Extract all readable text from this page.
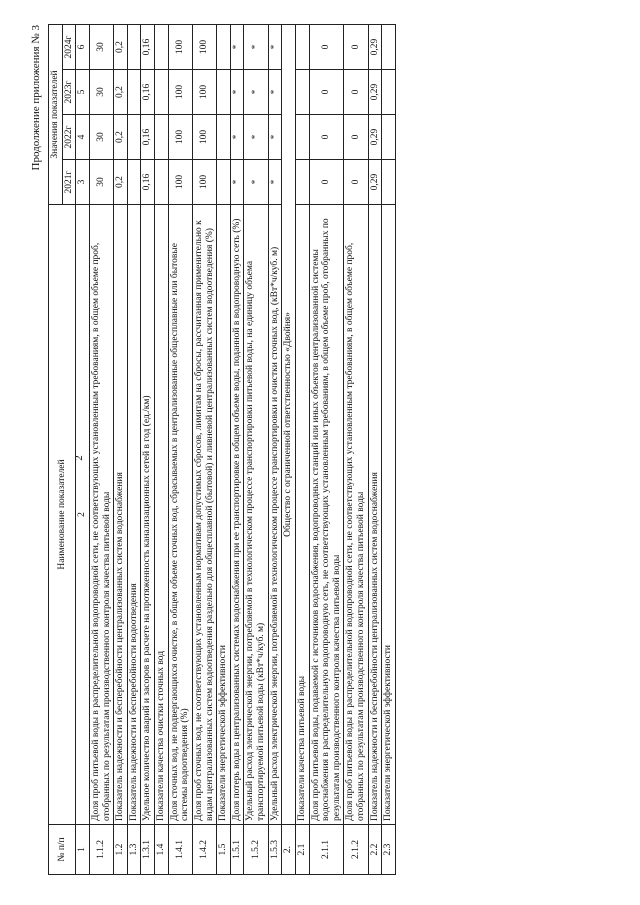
2
Продолжение приложения № 3
№ п/п	Наименование показателей	Значения показателей			
		2021г	2022г	2023г	2024г
1	2	3	4	5	6
1.1.2	Доля проб питьевой воды в распределительной водопроводной сети, не соответствующих установленным требованиям, в общем объеме проб, отобранных по результатам производственного контроля качества питьевой воды	30	30	30	30
1.2	Показатель надежности и бесперебойности централизованных систем водоснабжения	0,2	0,2	0,2	0,2
1.3	Показатель надежности и бесперебойности водоотведения				
1.3.1	Удельное количество аварий и засоров в расчете на протяженность канализационных сетей в год (ед./км)	0,16	0,16	0,16	0,16
1.4	Показатели качества очистки сточных вод				
1.4.1	Доля сточных вод, не подвергающихся очистке, в общем объеме сточных вод, сбрасываемых в централизованные общесплавные или бытовые системы водоотведения (%)	100	100	100	100
1.4.2	Доля проб сточных вод, не соответствующих установленным нормативам допустимых сбросов, лимитам на сбросы, рассчитанная применительно к видам централизованных систем водоотведения раздельно для общесплавной (бытовой) и ливневой централизованных систем водоотведения (%)	100	100	100	100
1.5	Показатели энергетической эффективности				
1.5.1	Доля потерь воды в централизованных системах водоснабжения при ее транспортировке в общем объеме воды, поданной в водопроводную сеть (%)	*	*	*	*
1.5.2	Удельный расход электрической энергии, потребляемой в технологическом процессе транспортировки питьевой воды, на единицу объема транспортируемой питьевой воды (кВт*ч/куб. м)	*	*	*	*
1.5.3	Удельный расход электрической энергии, потребляемой в технологическом процессе транспортировки и очистки сточных вод, (кВт*ч/куб. м)	*	*	*	*
2.	Общество с ограниченной ответственностью «Двойня»				
2.1	Показатели качества питьевой воды				
2.1.1	Доля проб питьевой воды, подаваемой с источников водоснабжения, водопроводных станций или иных объектов централизованной системы водоснабжения в распределительную водопроводную сеть, не соответствующих установленным требованиям, в общем объеме проб, отобранных по результатам производственного контроля качества питьевой воды	0	0	0	0
2.1.2	Доля проб питьевой воды в распределительной водопроводной сети, не соответствующих установленным требованиям, в общем объеме проб, отобранных по результатам производственного контроля качества питьевой воды	0	0	0	0
2.2	Показатель надежности и бесперебойности централизованных систем водоснабжения	0,29	0,29	0,29	0,29
2.3	Показатели энергетической эффективности				
